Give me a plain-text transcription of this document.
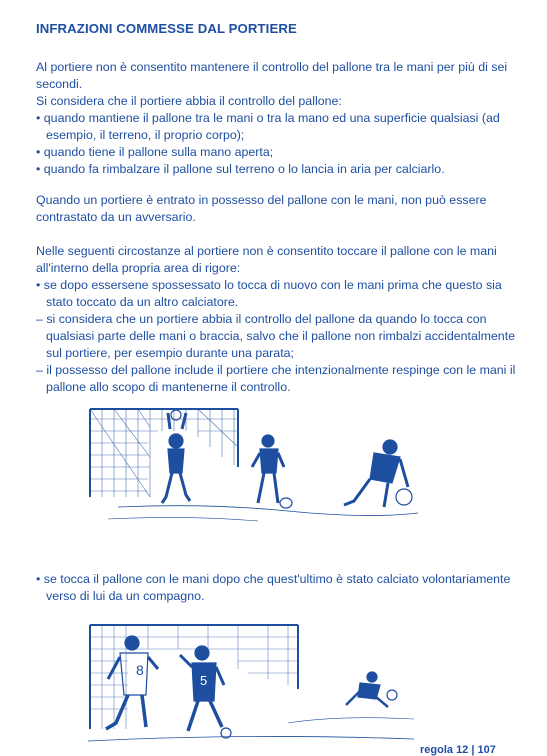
INFRAZIONI COMMESSE DAL PORTIERE
Al portiere non è consentito mantenere il controllo del pallone tra le mani per più di sei secondi.
Si considera che il portiere abbia il controllo del pallone:
• quando mantiene il pallone tra le mani o tra la mano ed una superficie qualsiasi (ad esempio, il terreno, il proprio corpo);
• quando tiene il pallone sulla mano aperta;
• quando fa rimbalzare il pallone sul terreno o lo lancia in aria per calciarlo.
Quando un portiere è entrato in possesso del pallone con le mani, non può essere contrastato da un avversario.
Nelle seguenti circostanze al portiere non è consentito toccare il pallone con le mani all'interno della propria area di rigore:
• se dopo essersene spossessato lo tocca di nuovo con le mani prima che questo sia stato toccato da un altro calciatore.
– si considera che un portiere abbia il controllo del pallone da quando lo tocca con qualsiasi parte delle mani o braccia, salvo che il pallone non rimbalzi accidentalmente sul portiere, per esempio durante una parata;
– il possesso del pallone include il portiere che intenzionalmente respinge con le mani il pallone allo scopo di mantenerne il controllo.
• se tocca il pallone con le mani dopo che quest'ultimo è stato calciato volontariamente verso di lui da un compagno.
8
5
regola 12 | 107
